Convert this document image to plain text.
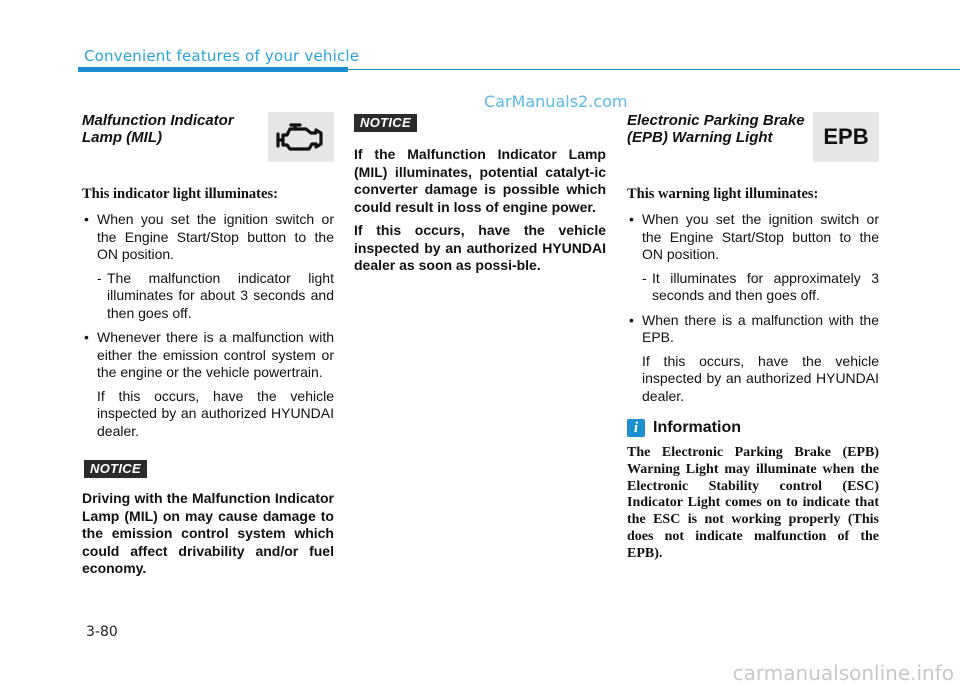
Convenient features of your vehicle
CarManuals2.com
Malfunction Indicator Lamp (MIL)
This indicator light illuminates:
• When you set the ignition switch or the Engine Start/Stop button to the ON position.
- The malfunction indicator light illuminates for about 3 seconds and then goes off.
• Whenever there is a malfunction with either the emission control system or the engine or the vehicle powertrain.
If this occurs, have the vehicle inspected by an authorized HYUNDAI dealer.
NOTICE
Driving with the Malfunction Indicator Lamp (MIL) on may cause damage to the emission control system which could affect drivability and/or fuel economy.
NOTICE
If the Malfunction Indicator Lamp (MIL) illuminates, potential catalyt-ic converter damage is possible which could result in loss of engine power.
If this occurs, have the vehicle inspected by an authorized HYUNDAI dealer as soon as possi-ble.
Electronic Parking Brake (EPB) Warning Light	EPB
This warning light illuminates:
• When you set the ignition switch or the Engine Start/Stop button to the ON position.
- It illuminates for approximately 3 seconds and then goes off.
• When there is a malfunction with the EPB.
If this occurs, have the vehicle inspected by an authorized HYUNDAI dealer.
i Information
The Electronic Parking Brake (EPB) Warning Light may illuminate when the Electronic Stability control (ESC) Indicator Light comes on to indicate that the ESC is not working properly (This does not indicate malfunction of the EPB).
3-80
carmanualsonline.info
